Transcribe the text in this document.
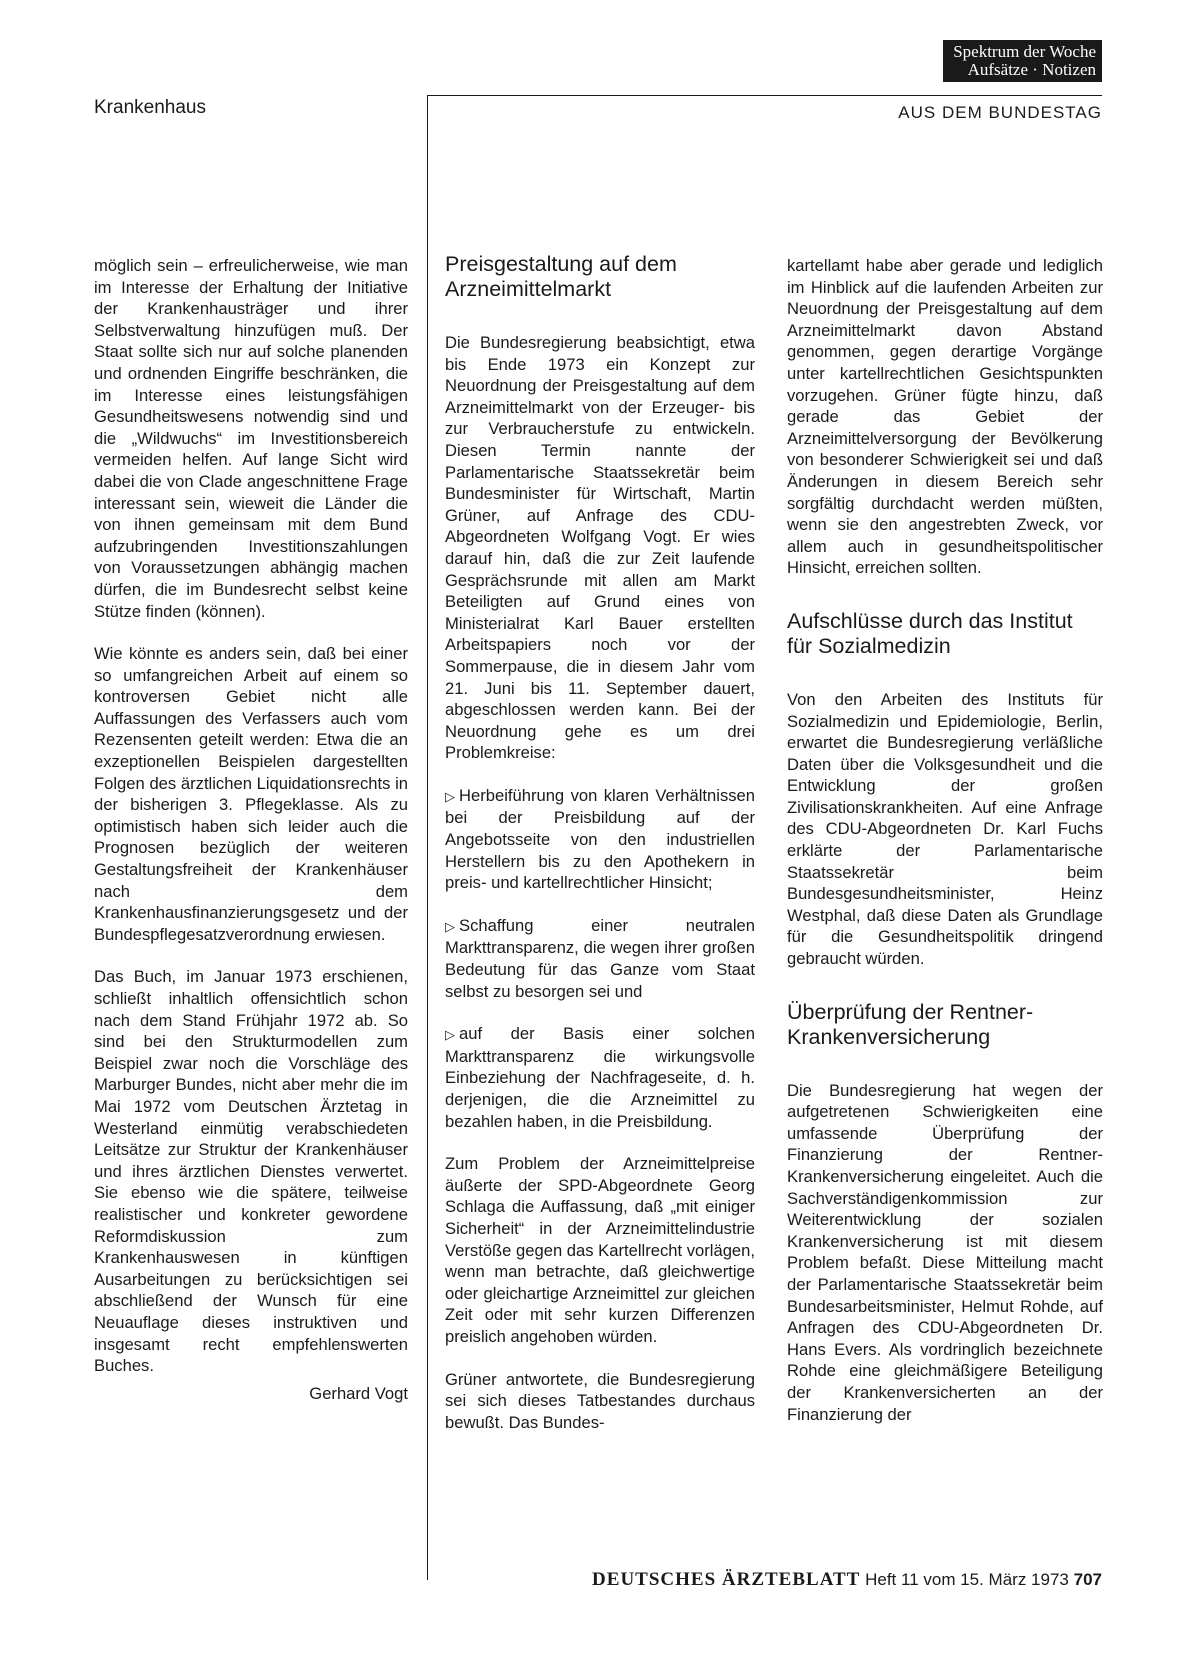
Spektrum der Woche
Aufsätze · Notizen
Krankenhaus	AUS DEM BUNDESTAG

möglich sein – erfreulicherweise, wie man im Interesse der Erhaltung der Initiative der Krankenhausträger und ihrer Selbstverwaltung hinzufügen muß. Der Staat sollte sich nur auf solche planenden und ordnenden Eingriffe beschränken, die im Interesse eines leistungsfähigen Gesundheitswesens notwendig sind und die „Wildwuchs“ im Investitionsbereich vermeiden helfen. Auf lange Sicht wird dabei die von Clade angeschnittene Frage interessant sein, wieweit die Länder die von ihnen gemeinsam mit dem Bund aufzubringenden Investitionszahlungen von Voraussetzungen abhängig machen dürfen, die im Bundesrecht selbst keine Stütze finden (können).

Wie könnte es anders sein, daß bei einer so umfangreichen Arbeit auf einem so kontroversen Gebiet nicht alle Auffassungen des Verfassers auch vom Rezensenten geteilt werden: Etwa die an exzeptionellen Beispielen dargestellten Folgen des ärztlichen Liquidationsrechts in der bisherigen 3. Pflegeklasse. Als zu optimistisch haben sich leider auch die Prognosen bezüglich der weiteren Gestaltungsfreiheit der Krankenhäuser nach dem Krankenhausfinanzierungsgesetz und der Bundespflegesatzverordnung erwiesen.

Das Buch, im Januar 1973 erschienen, schließt inhaltlich offensichtlich schon nach dem Stand Frühjahr 1972 ab. So sind bei den Strukturmodellen zum Beispiel zwar noch die Vorschläge des Marburger Bundes, nicht aber mehr die im Mai 1972 vom Deutschen Ärztetag in Westerland einmütig verabschiedeten Leitsätze zur Struktur der Krankenhäuser und ihres ärztlichen Dienstes verwertet. Sie ebenso wie die spätere, teilweise realistischer und konkreter gewordene Reformdiskussion zum Krankenhauswesen in künftigen Ausarbeitungen zu berücksichtigen sei abschließend der Wunsch für eine Neuauflage dieses instruktiven und insgesamt recht empfehlenswerten Buches.

Gerhard Vogt
Preisgestaltung auf dem Arzneimittelmarkt

Die Bundesregierung beabsichtigt, etwa bis Ende 1973 ein Konzept zur Neuordnung der Preisgestaltung auf dem Arzneimittelmarkt von der Erzeuger- bis zur Verbraucherstufe zu entwickeln. Diesen Termin nannte der Parlamentarische Staatssekretär beim Bundesminister für Wirtschaft, Martin Grüner, auf Anfrage des CDU-Abgeordneten Wolfgang Vogt. Er wies darauf hin, daß die zur Zeit laufende Gesprächsrunde mit allen am Markt Beteiligten auf Grund eines von Ministerialrat Karl Bauer erstellten Arbeitspapiers noch vor der Sommerpause, die in diesem Jahr vom 21. Juni bis 11. September dauert, abgeschlossen werden kann. Bei der Neuordnung gehe es um drei Problemkreise:

▷ Herbeiführung von klaren Verhältnissen bei der Preisbildung auf der Angebotsseite von den industriellen Herstellern bis zu den Apothekern in preis- und kartellrechtlicher Hinsicht;

▷ Schaffung einer neutralen Markttransparenz, die wegen ihrer großen Bedeutung für das Ganze vom Staat selbst zu besorgen sei und

▷ auf der Basis einer solchen Markttransparenz die wirkungsvolle Einbeziehung der Nachfrageseite, d. h. derjenigen, die die Arzneimittel zu bezahlen haben, in die Preisbildung.

Zum Problem der Arzneimittelpreise äußerte der SPD-Abgeordnete Georg Schlaga die Auffassung, daß „mit einiger Sicherheit“ in der Arzneimittelindustrie Verstöße gegen das Kartellrecht vorlägen, wenn man betrachte, daß gleichwertige oder gleichartige Arzneimittel zur gleichen Zeit oder mit sehr kurzen Differenzen preislich angehoben würden.

Grüner antwortete, die Bundesregierung sei sich dieses Tatbestandes durchaus bewußt. Das Bundes-

kartellamt habe aber gerade und lediglich im Hinblick auf die laufenden Arbeiten zur Neuordnung der Preisgestaltung auf dem Arzneimittelmarkt davon Abstand genommen, gegen derartige Vorgänge unter kartellrechtlichen Gesichtspunkten vorzugehen. Grüner fügte hinzu, daß gerade das Gebiet der Arzneimittelversorgung der Bevölkerung von besonderer Schwierigkeit sei und daß Änderungen in diesem Bereich sehr sorgfältig durchdacht werden müßten, wenn sie den angestrebten Zweck, vor allem auch in gesundheitspolitischer Hinsicht, erreichen sollten.

Aufschlüsse durch das Institut für Sozialmedizin

Von den Arbeiten des Instituts für Sozialmedizin und Epidemiologie, Berlin, erwartet die Bundesregierung verläßliche Daten über die Volksgesundheit und die Entwicklung der großen Zivilisationskrankheiten. Auf eine Anfrage des CDU-Abgeordneten Dr. Karl Fuchs erklärte der Parlamentarische Staatssekretär beim Bundesgesundheitsminister, Heinz Westphal, daß diese Daten als Grundlage für die Gesundheitspolitik dringend gebraucht würden.

Überprüfung der Rentner-Krankenversicherung

Die Bundesregierung hat wegen der aufgetretenen Schwierigkeiten eine umfassende Überprüfung der Finanzierung der Rentner-Krankenversicherung eingeleitet. Auch die Sachverständigenkommission zur Weiterentwicklung der sozialen Krankenversicherung ist mit diesem Problem befaßt. Diese Mitteilung macht der Parlamentarische Staatssekretär beim Bundesarbeitsminister, Helmut Rohde, auf Anfragen des CDU-Abgeordneten Dr. Hans Evers. Als vordringlich bezeichnete Rohde eine gleichmäßigere Beteiligung der Krankenversicherten an der Finanzierung der

DEUTSCHES ÄRZTEBLATT Heft 11 vom 15. März 1973 707
